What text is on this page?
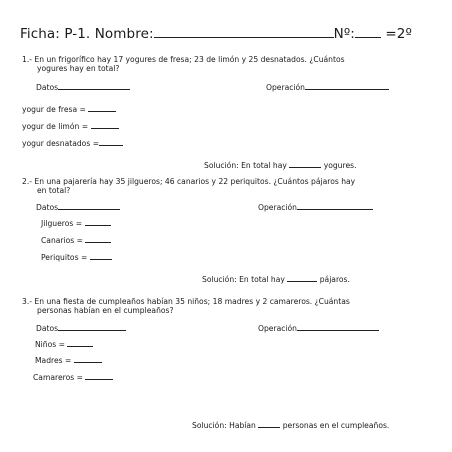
Ficha: P-1. Nombre:	Nº: =2º
1.- En un frigorífico hay 17 yogures de fresa; 23 de limón y 25 desnatados. ¿Cuántos
yogures hay en total?
Datos	Operación
yogur de fresa =
yogur de limón =
yogur desnatados =
Solución: En total hay	yogures.
2.- En una pajarería hay 35 jilgueros; 46 canarios y 22 periquitos. ¿Cuántos pájaros hay
en total?
Datos	Operación
Jilgueros =
Canarios =
Periquitos =
Solución: En total hay	pájaros.
3.- En una fiesta de cumpleaños habían 35 niños; 18 madres y 2 camareros. ¿Cuántas
personas habían en el cumpleaños?
Datos	Operación
Niños =
Madres =
Camareros =
Solución: Habían	personas en el cumpleaños.
